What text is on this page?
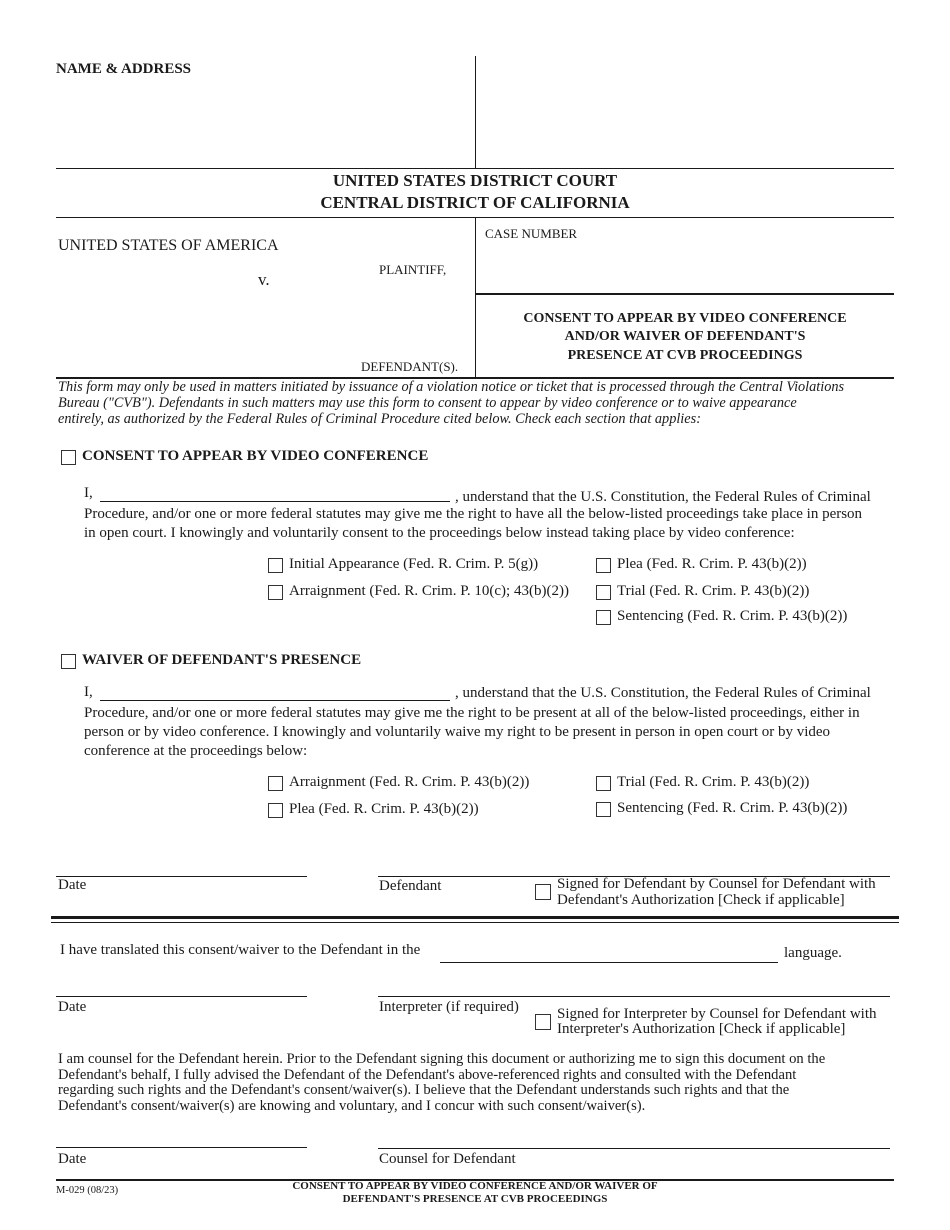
NAME & ADDRESS
UNITED STATES DISTRICT COURT
CENTRAL DISTRICT OF CALIFORNIA
UNITED STATES OF AMERICA
PLAINTIFF,
v.
DEFENDANT(S).
CASE NUMBER
CONSENT TO APPEAR BY VIDEO CONFERENCE
AND/OR WAIVER OF DEFENDANT'S
PRESENCE AT CVB PROCEEDINGS
This form may only be used in matters initiated by issuance of a violation notice or ticket that is processed through the Central Violations
Bureau ("CVB"). Defendants in such matters may use this form to consent to appear by video conference or to waive appearance
entirely, as authorized by the Federal Rules of Criminal Procedure cited below. Check each section that applies:
CONSENT TO APPEAR BY VIDEO CONFERENCE
I,	, understand that the U.S. Constitution, the Federal Rules of Criminal
Procedure, and/or one or more federal statutes may give me the right to have all the below-listed proceedings take place in person
in open court. I knowingly and voluntarily consent to the proceedings below instead taking place by video conference:
Initial Appearance (Fed. R. Crim. P. 5(g))
Arraignment (Fed. R. Crim. P. 10(c); 43(b)(2))
Plea (Fed. R. Crim. P. 43(b)(2))
Trial (Fed. R. Crim. P. 43(b)(2))
Sentencing (Fed. R. Crim. P. 43(b)(2))
WAIVER OF DEFENDANT'S PRESENCE
I,	, understand that the U.S. Constitution, the Federal Rules of Criminal
Procedure, and/or one or more federal statutes may give me the right to be present at all of the below-listed proceedings, either in
person or by video conference. I knowingly and voluntarily waive my right to be present in person in open court or by video
conference at the proceedings below:
Arraignment (Fed. R. Crim. P. 43(b)(2))
Plea (Fed. R. Crim. P. 43(b)(2))
Trial (Fed. R. Crim. P. 43(b)(2))
Sentencing (Fed. R. Crim. P. 43(b)(2))
Date	Defendant	Signed for Defendant by Counsel for Defendant with
Defendant's Authorization [Check if applicable]
I have translated this consent/waiver to the Defendant in the	language.
Date	Interpreter (if required)	Signed for Interpreter by Counsel for Defendant with
Interpreter's Authorization [Check if applicable]
I am counsel for the Defendant herein. Prior to the Defendant signing this document or authorizing me to sign this document on the
Defendant's behalf, I fully advised the Defendant of the Defendant's above-referenced rights and consulted with the Defendant
regarding such rights and the Defendant's consent/waiver(s). I believe that the Defendant understands such rights and that the
Defendant's consent/waiver(s) are knowing and voluntary, and I concur with such consent/waiver(s).
Date	Counsel for Defendant
M-029 (08/23)	CONSENT TO APPEAR BY VIDEO CONFERENCE AND/OR WAIVER OF
DEFENDANT'S PRESENCE AT CVB PROCEEDINGS
